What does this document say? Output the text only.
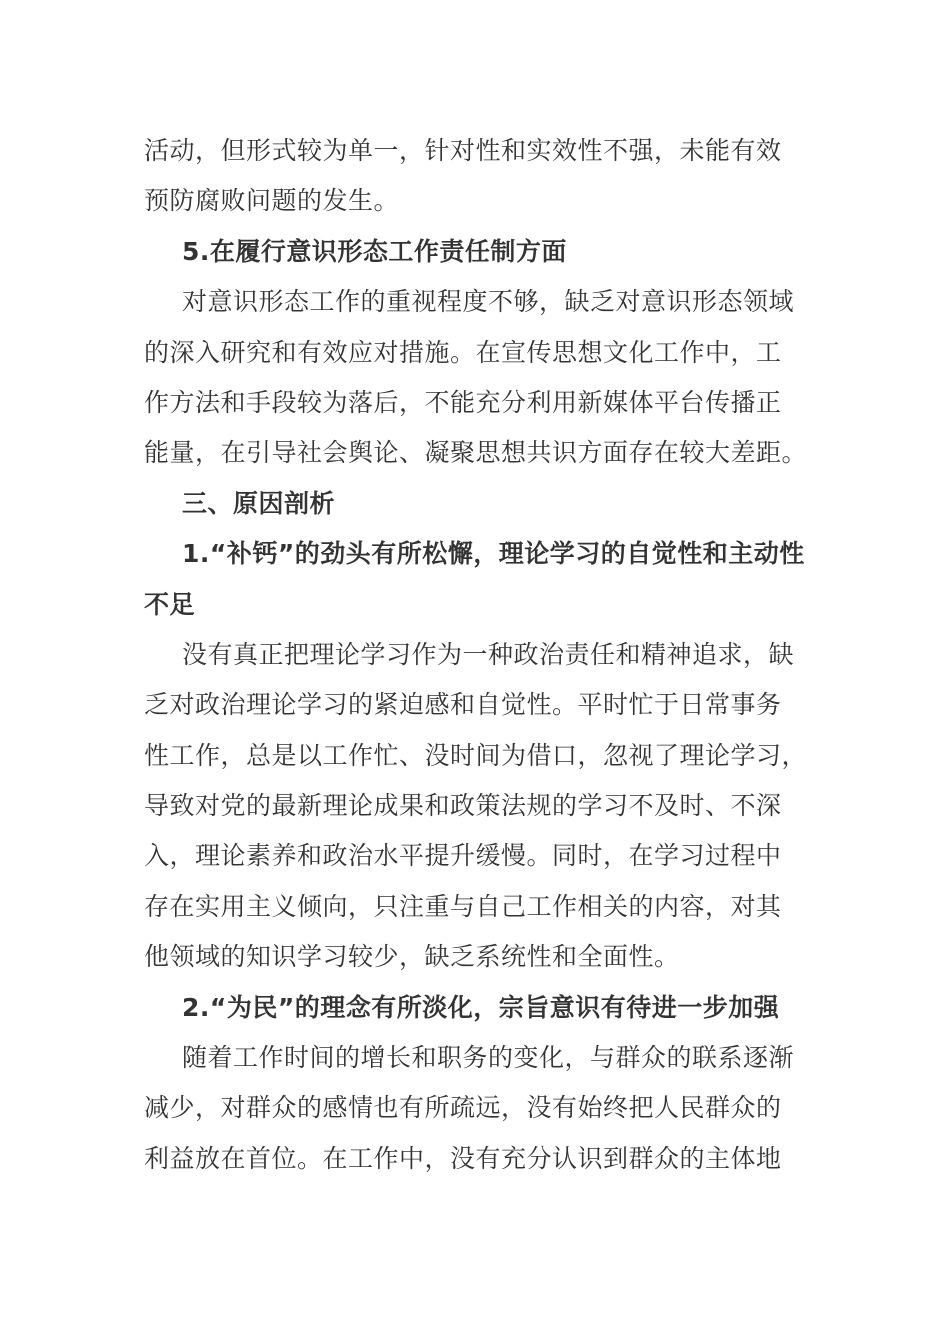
活动，但形式较为单一，针对性和实效性不强，未能有效
预防腐败问题的发生。
5.在履行意识形态工作责任制方面
对意识形态工作的重视程度不够，缺乏对意识形态领域
的深入研究和有效应对措施。在宣传思想文化工作中，工
作方法和手段较为落后，不能充分利用新媒体平台传播正
能量，在引导社会舆论、凝聚思想共识方面存在较大差距。
三、原因剖析
1.“补钙”的劲头有所松懈，理论学习的自觉性和主动性
不足
没有真正把理论学习作为一种政治责任和精神追求，缺
乏对政治理论学习的紧迫感和自觉性。平时忙于日常事务
性工作，总是以工作忙、没时间为借口，忽视了理论学习，
导致对党的最新理论成果和政策法规的学习不及时、不深
入，理论素养和政治水平提升缓慢。同时，在学习过程中
存在实用主义倾向，只注重与自己工作相关的内容，对其
他领域的知识学习较少，缺乏系统性和全面性。
2.“为民”的理念有所淡化，宗旨意识有待进一步加强
随着工作时间的增长和职务的变化，与群众的联系逐渐
减少，对群众的感情也有所疏远，没有始终把人民群众的
利益放在首位。在工作中，没有充分认识到群众的主体地
